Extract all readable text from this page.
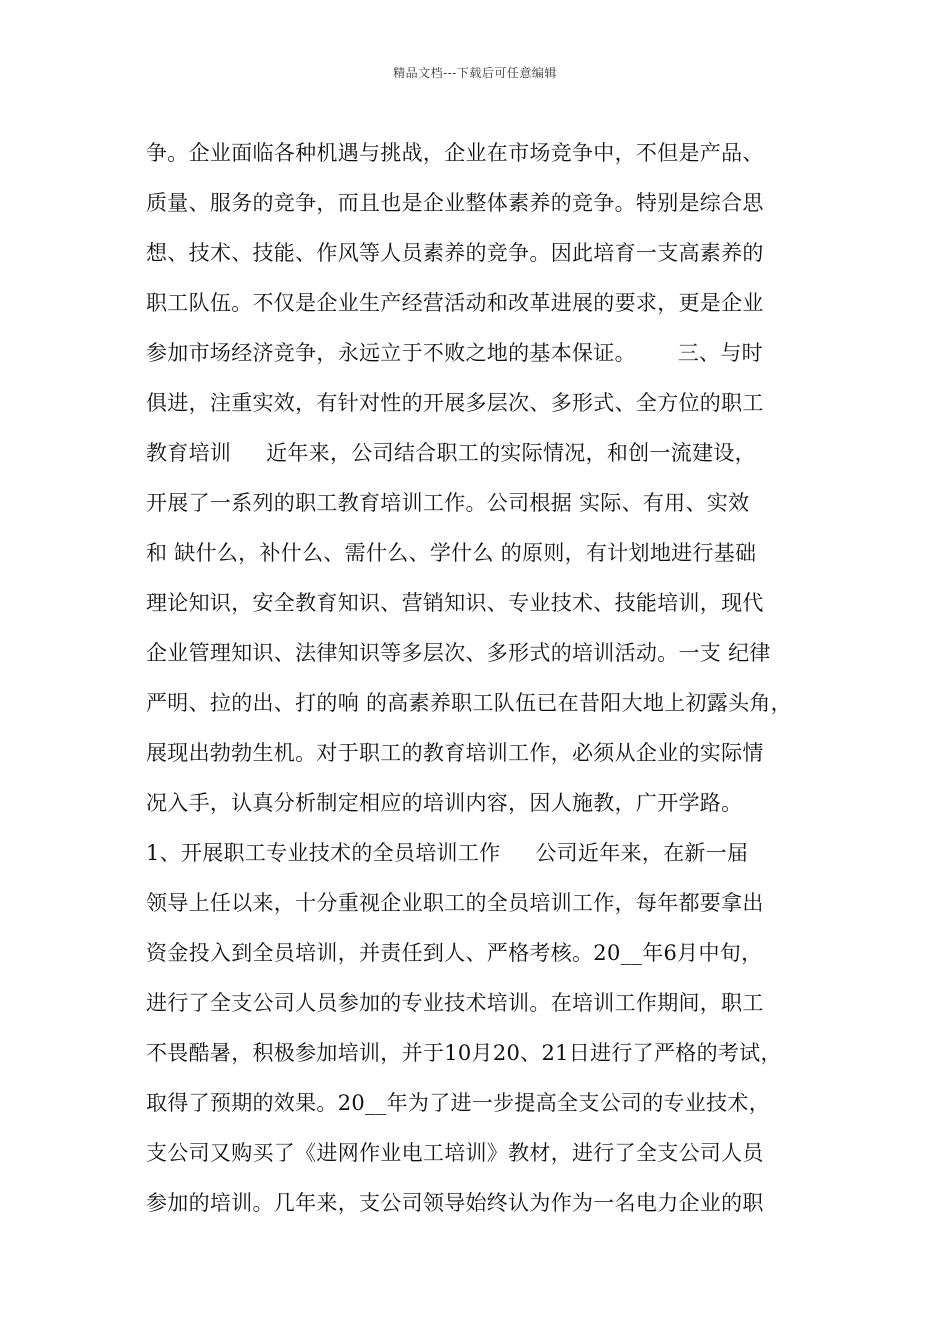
精品文档---下载后可任意编辑
争。企业面临各种机遇与挑战，企业在市场竞争中，不但是产品、
质量、服务的竞争，而且也是企业整体素养的竞争。特别是综合思
想、技术、技能、作风等人员素养的竞争。因此培育一支高素养的
职工队伍。不仅是企业生产经营活动和改革进展的要求，更是企业
参加市场经济竞争，永远立于不败之地的基本保证。      三、与时
俱进，注重实效，有针对性的开展多层次、多形式、全方位的职工
教育培训     近年来，公司结合职工的实际情况，和创一流建设，
开展了一系列的职工教育培训工作。公司根据 实际、有用、实效
和 缺什么，补什么、需什么、学什么 的原则，有计划地进行基础
理论知识，安全教育知识、营销知识、专业技术、技能培训，现代
企业管理知识、法律知识等多层次、多形式的培训活动。一支 纪律
严明、拉的出、打的响 的高素养职工队伍已在昔阳大地上初露头角，
展现出勃勃生机。对于职工的教育培训工作，必须从企业的实际情
况入手，认真分析制定相应的培训内容，因人施教，广开学路。
1、开展职工专业技术的全员培训工作     公司近年来，在新一届
领导上任以来，十分重视企业职工的全员培训工作，每年都要拿出
资金投入到全员培训，并责任到人、严格考核。20__年6月中旬，
进行了全支公司人员参加的专业技术培训。在培训工作期间，职工
不畏酷暑，积极参加培训，并于10月20、21日进行了严格的考试，
取得了预期的效果。20__年为了进一步提高全支公司的专业技术，
支公司又购买了《进网作业电工培训》教材，进行了全支公司人员
参加的培训。几年来，支公司领导始终认为作为一名电力企业的职
